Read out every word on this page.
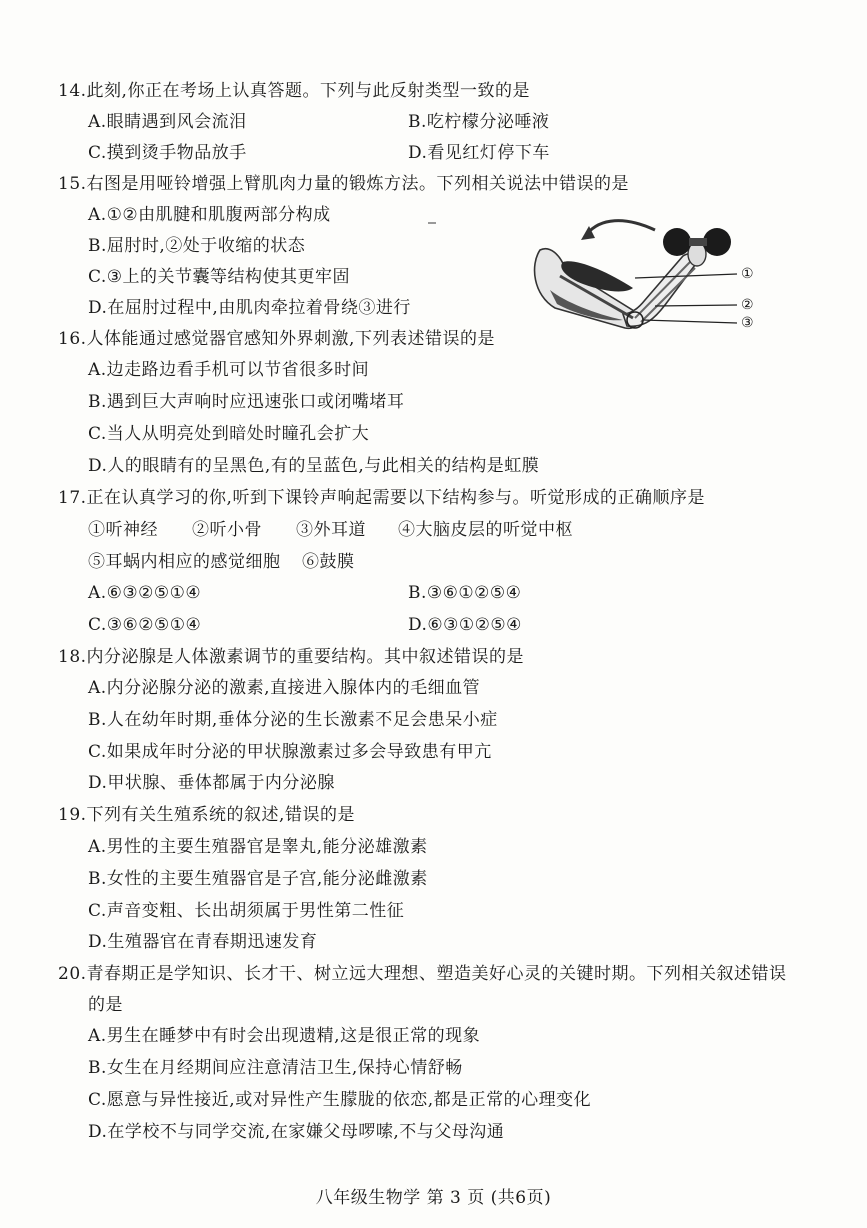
14.此刻,你正在考场上认真答题。下列与此反射类型一致的是
A.眼睛遇到风会流泪	B.吃柠檬分泌唾液
C.摸到烫手物品放手	D.看见红灯停下车
15.右图是用哑铃增强上臂肌肉力量的锻炼方法。下列相关说法中错误的是
A.①②由肌腱和肌腹两部分构成
B.屈肘时,②处于收缩的状态
C.③上的关节囊等结构使其更牢固
D.在屈肘过程中,由肌肉牵拉着骨绕③进行
①
②
③
16.人体能通过感觉器官感知外界刺激,下列表述错误的是
A.边走路边看手机可以节省很多时间
B.遇到巨大声响时应迅速张口或闭嘴堵耳
C.当人从明亮处到暗处时瞳孔会扩大
D.人的眼睛有的呈黑色,有的呈蓝色,与此相关的结构是虹膜
17.正在认真学习的你,听到下课铃声响起需要以下结构参与。听觉形成的正确顺序是
①听神经 ②听小骨 ③外耳道 ④大脑皮层的听觉中枢
⑤耳蜗内相应的感觉细胞 ⑥鼓膜
A.⑥③②⑤①④	B.③⑥①②⑤④
C.③⑥②⑤①④	D.⑥③①②⑤④
18.内分泌腺是人体激素调节的重要结构。其中叙述错误的是
A.内分泌腺分泌的激素,直接进入腺体内的毛细血管
B.人在幼年时期,垂体分泌的生长激素不足会患呆小症
C.如果成年时分泌的甲状腺激素过多会导致患有甲亢
D.甲状腺、垂体都属于内分泌腺
19.下列有关生殖系统的叙述,错误的是
A.男性的主要生殖器官是睾丸,能分泌雄激素
B.女性的主要生殖器官是子宫,能分泌雌激素
C.声音变粗、长出胡须属于男性第二性征
D.生殖器官在青春期迅速发育
20.青春期正是学知识、长才干、树立远大理想、塑造美好心灵的关键时期。下列相关叙述错误
的是
A.男生在睡梦中有时会出现遗精,这是很正常的现象
B.女生在月经期间应注意清洁卫生,保持心情舒畅
C.愿意与异性接近,或对异性产生朦胧的依恋,都是正常的心理变化
D.在学校不与同学交流,在家嫌父母啰嗦,不与父母沟通
八年级生物学 第 3 页 (共6页)
